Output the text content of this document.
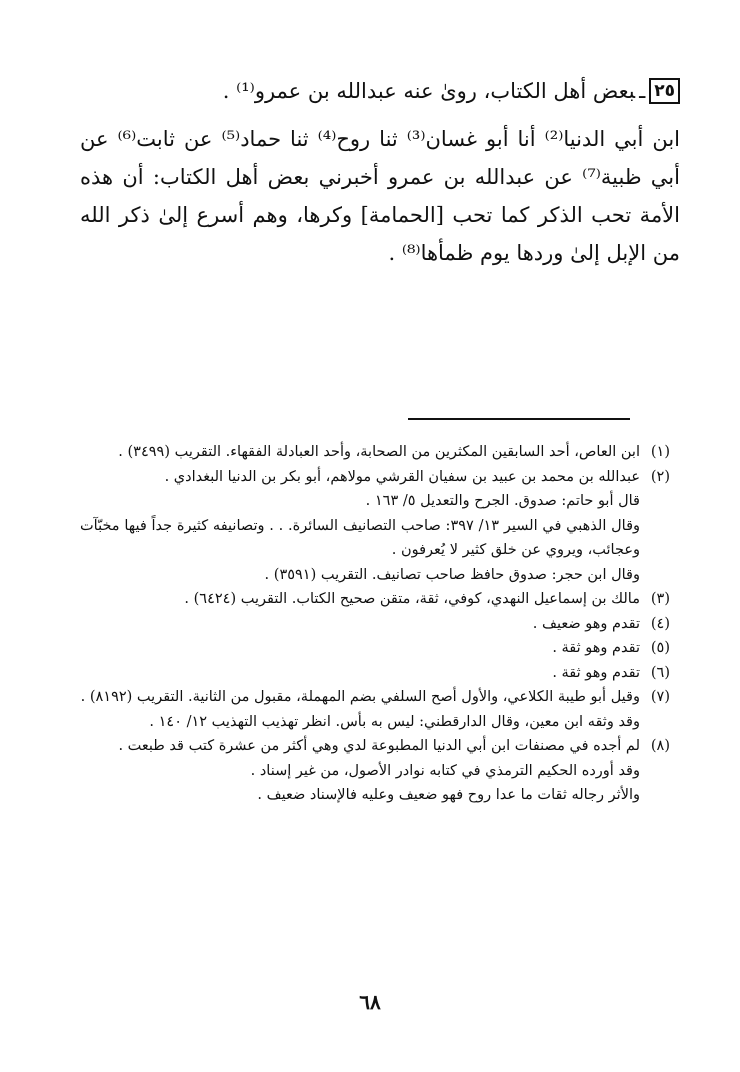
٢٥ـبعض أهل الكتاب، روىٰ عنه عبدالله بن عمرو⁽¹⁾ .

ابن أبي الدنيا⁽²⁾ أنا أبو غسان⁽³⁾ ثنا روح⁽⁴⁾ ثنا حماد⁽⁵⁾ عن ثابت⁽⁶⁾ عن أبي ظبية⁽⁷⁾ عن عبدالله بن عمرو أخبرني بعض أهل الكتاب: أن هذه الأمة تحب الذكر كما تحب [الحمامة] وكرها، وهم أسرع إلىٰ ذكر الله من الإبل إلىٰ وردها يوم ظمأها⁽⁸⁾ .

(١)
ابن العاص، أحد السابقين المكثرين من الصحابة، وأحد العبادلة الفقهاء. التقريب (٣٤٩٩) .
(٢)
عبدالله بن محمد بن عبيد بن سفيان القرشي مولاهم، أبو بكر بن الدنيا البغدادي .
قال أبو حاتم: صدوق. الجرح والتعديل ٥/ ١٦٣ .
وقال الذهبي في السير ١٣/ ٣٩٧: صاحب التصانيف السائرة. . . وتصانيفه كثيرة جداً فيها مخبّآت وعجائب، ويروي عن خلق كثير لا يُعرفون .
وقال ابن حجر: صدوق حافظ صاحب تصانيف. التقريب (٣٥٩١) .
(٣)
مالك بن إسماعيل النهدي، كوفي، ثقة، متقن صحيح الكتاب. التقريب (٦٤٢٤) .
(٤)
تقدم وهو ضعيف .
(٥)
تقدم وهو ثقة .
(٦)
تقدم وهو ثقة .
(٧)
وقيل أبو طيبة الكلاعي، والأول أصح السلفي بضم المهملة، مقبول من الثانية. التقريب (٨١٩٢) .
وقد وثقه ابن معين، وقال الدارقطني: ليس به بأس. انظر تهذيب التهذيب ١٢/ ١٤٠ .
(٨)
لم أجده في مصنفات ابن أبي الدنيا المطبوعة لدي وهي أكثر من عشرة كتب قد طبعت .
وقد أورده الحكيم الترمذي في كتابه نوادر الأصول، من غير إسناد .
والأثر رجاله ثقات ما عدا روح فهو ضعيف وعليه فالإسناد ضعيف .
٦٨
